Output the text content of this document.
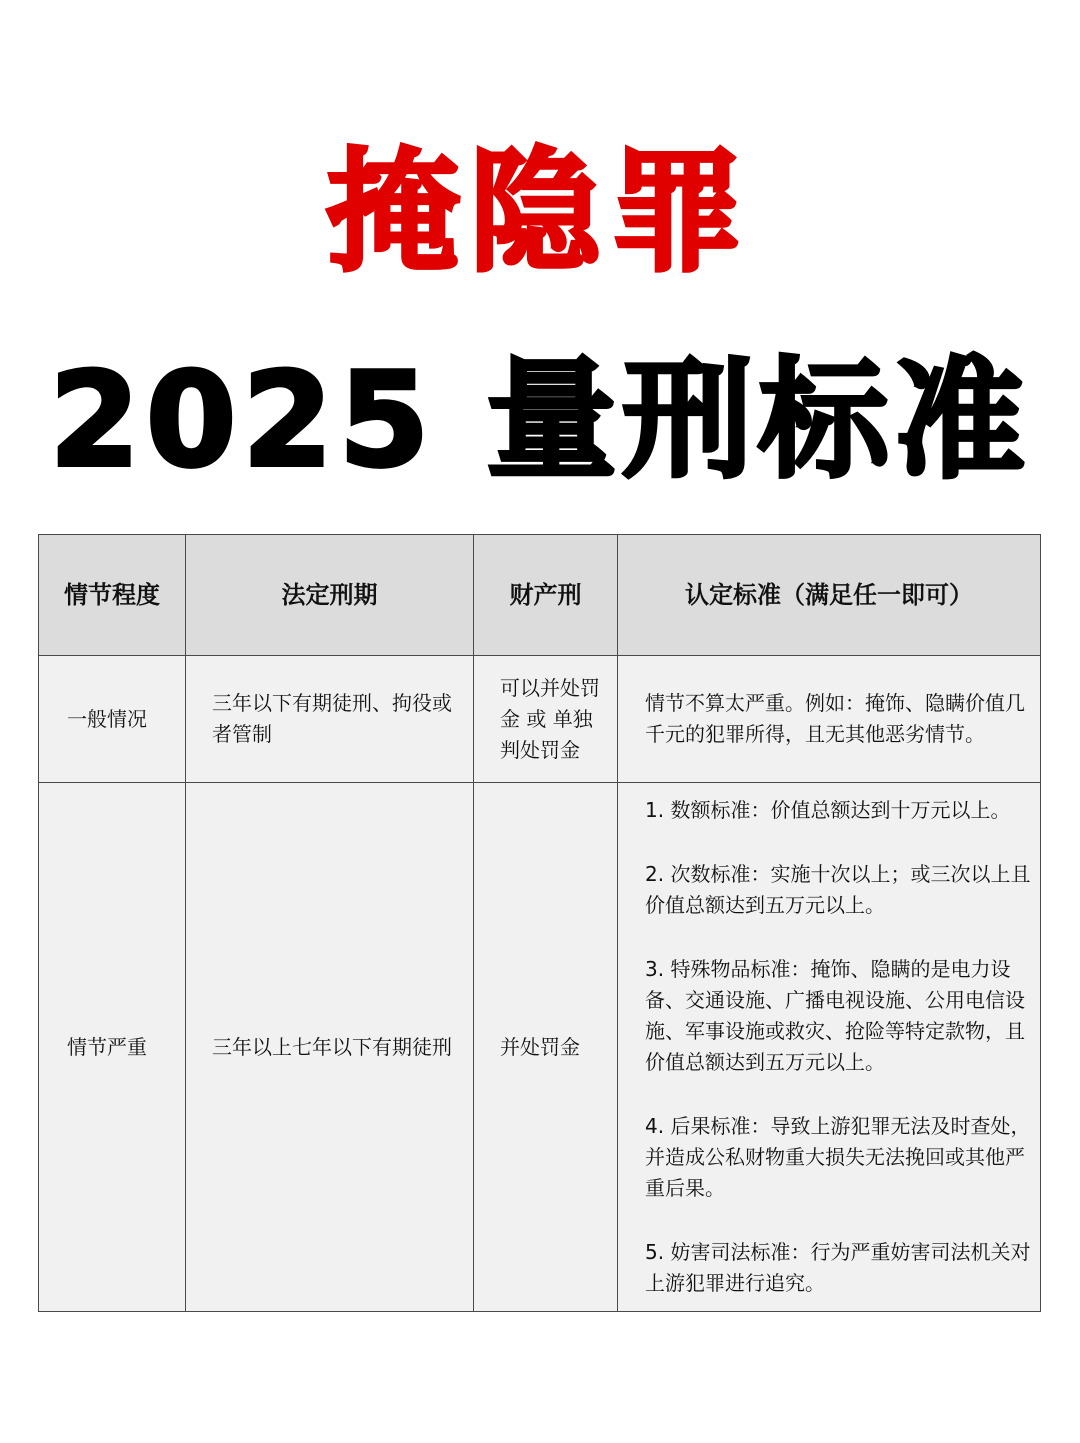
掩隐罪
2025 量刑标准
情节程度	法定刑期	财产刑	认定标准（满足任一即可）
一般情况	三年以下有期徒刑、拘役或者管制	可以并处罚金 或 单独判处罚金	情节不算太严重。例如：掩饰、隐瞒价值几千元的犯罪所得，且无其他恶劣情节。

情节严重	三年以上七年以下有期徒刑	并处罚金	1. 数额标准：价值总额达到十万元以上。
2. 次数标准：实施十次以上；或三次以上且价值总额达到五万元以上。
3. 特殊物品标准：掩饰、隐瞒的是电力设备、交通设施、广播电视设施、公用电信设施、军事设施或救灾、抢险等特定款物，且价值总额达到五万元以上。
4. 后果标准：导致上游犯罪无法及时查处，并造成公私财物重大损失无法挽回或其他严重后果。
5. 妨害司法标准：行为严重妨害司法机关对上游犯罪进行追究。
